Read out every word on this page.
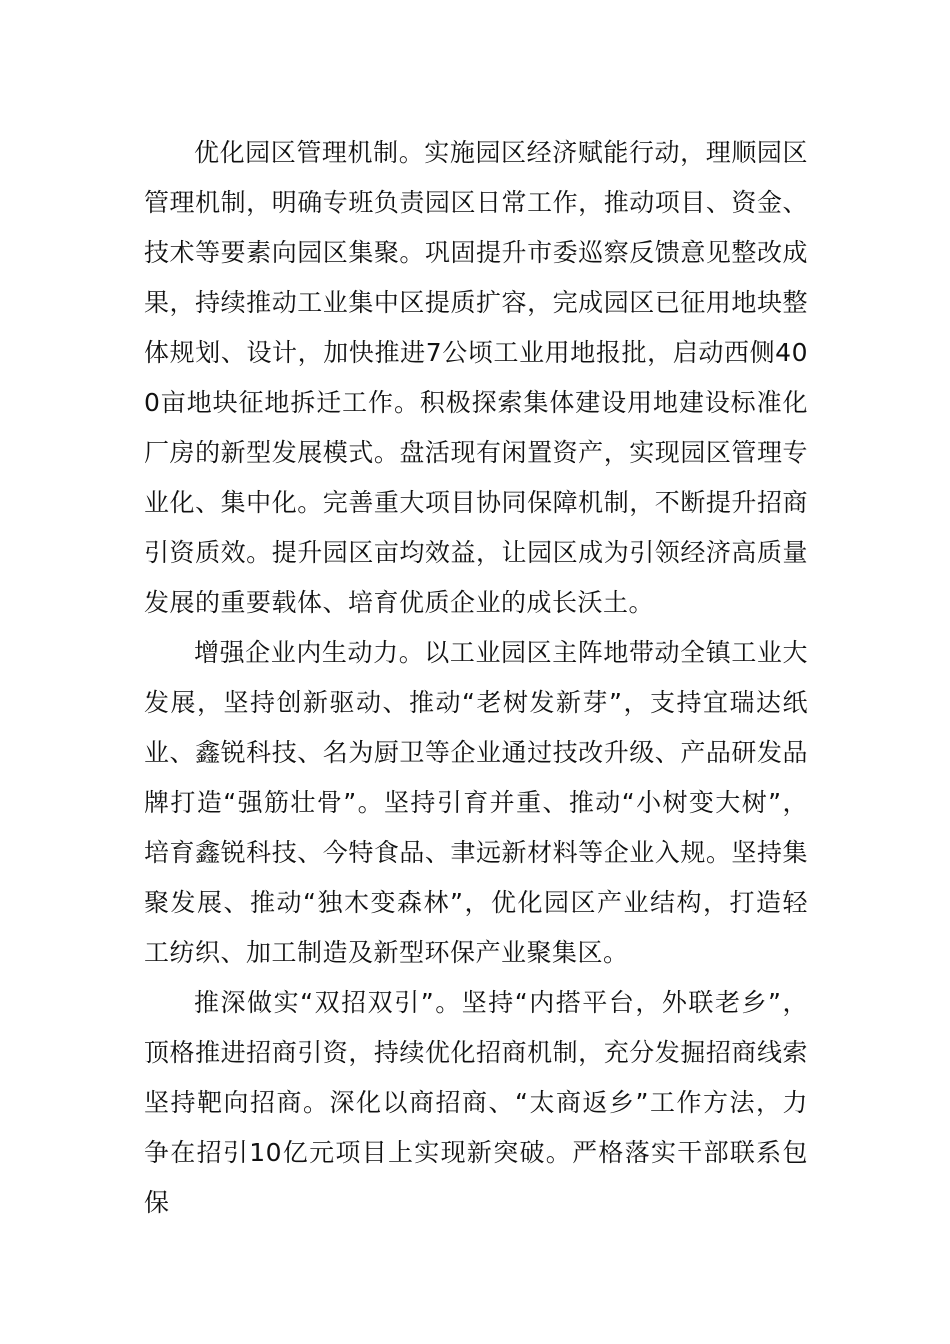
优化园区管理机制。实施园区经济赋能行动，理顺园区管理机制，明确专班负责园区日常工作，推动项目、资金、技术等要素向园区集聚。巩固提升市委巡察反馈意见整改成果，持续推动工业集中区提质扩容，完成园区已征用地块整体规划、设计，加快推进7公顷工业用地报批，启动西侧400亩地块征地拆迁工作。积极探索集体建设用地建设标准化厂房的新型发展模式。盘活现有闲置资产，实现园区管理专业化、集中化。完善重大项目协同保障机制，不断提升招商引资质效。提升园区亩均效益，让园区成为引领经济高质量发展的重要载体、培育优质企业的成长沃土。

增强企业内生动力。以工业园区主阵地带动全镇工业大发展，坚持创新驱动、推动“老树发新芽”，支持宜瑞达纸业、鑫锐科技、名为厨卫等企业通过技改升级、产品研发品牌打造“强筋壮骨”。坚持引育并重、推动“小树变大树”，培育鑫锐科技、今特食品、聿远新材料等企业入规。坚持集聚发展、推动“独木变森林”，优化园区产业结构，打造轻工纺织、加工制造及新型环保产业聚集区。

推深做实“双招双引”。坚持“内搭平台，外联老乡”，顶格推进招商引资，持续优化招商机制，充分发掘招商线索坚持靶向招商。深化以商招商、“太商返乡”工作方法，力争在招引10亿元项目上实现新突破。严格落实干部联系包保
